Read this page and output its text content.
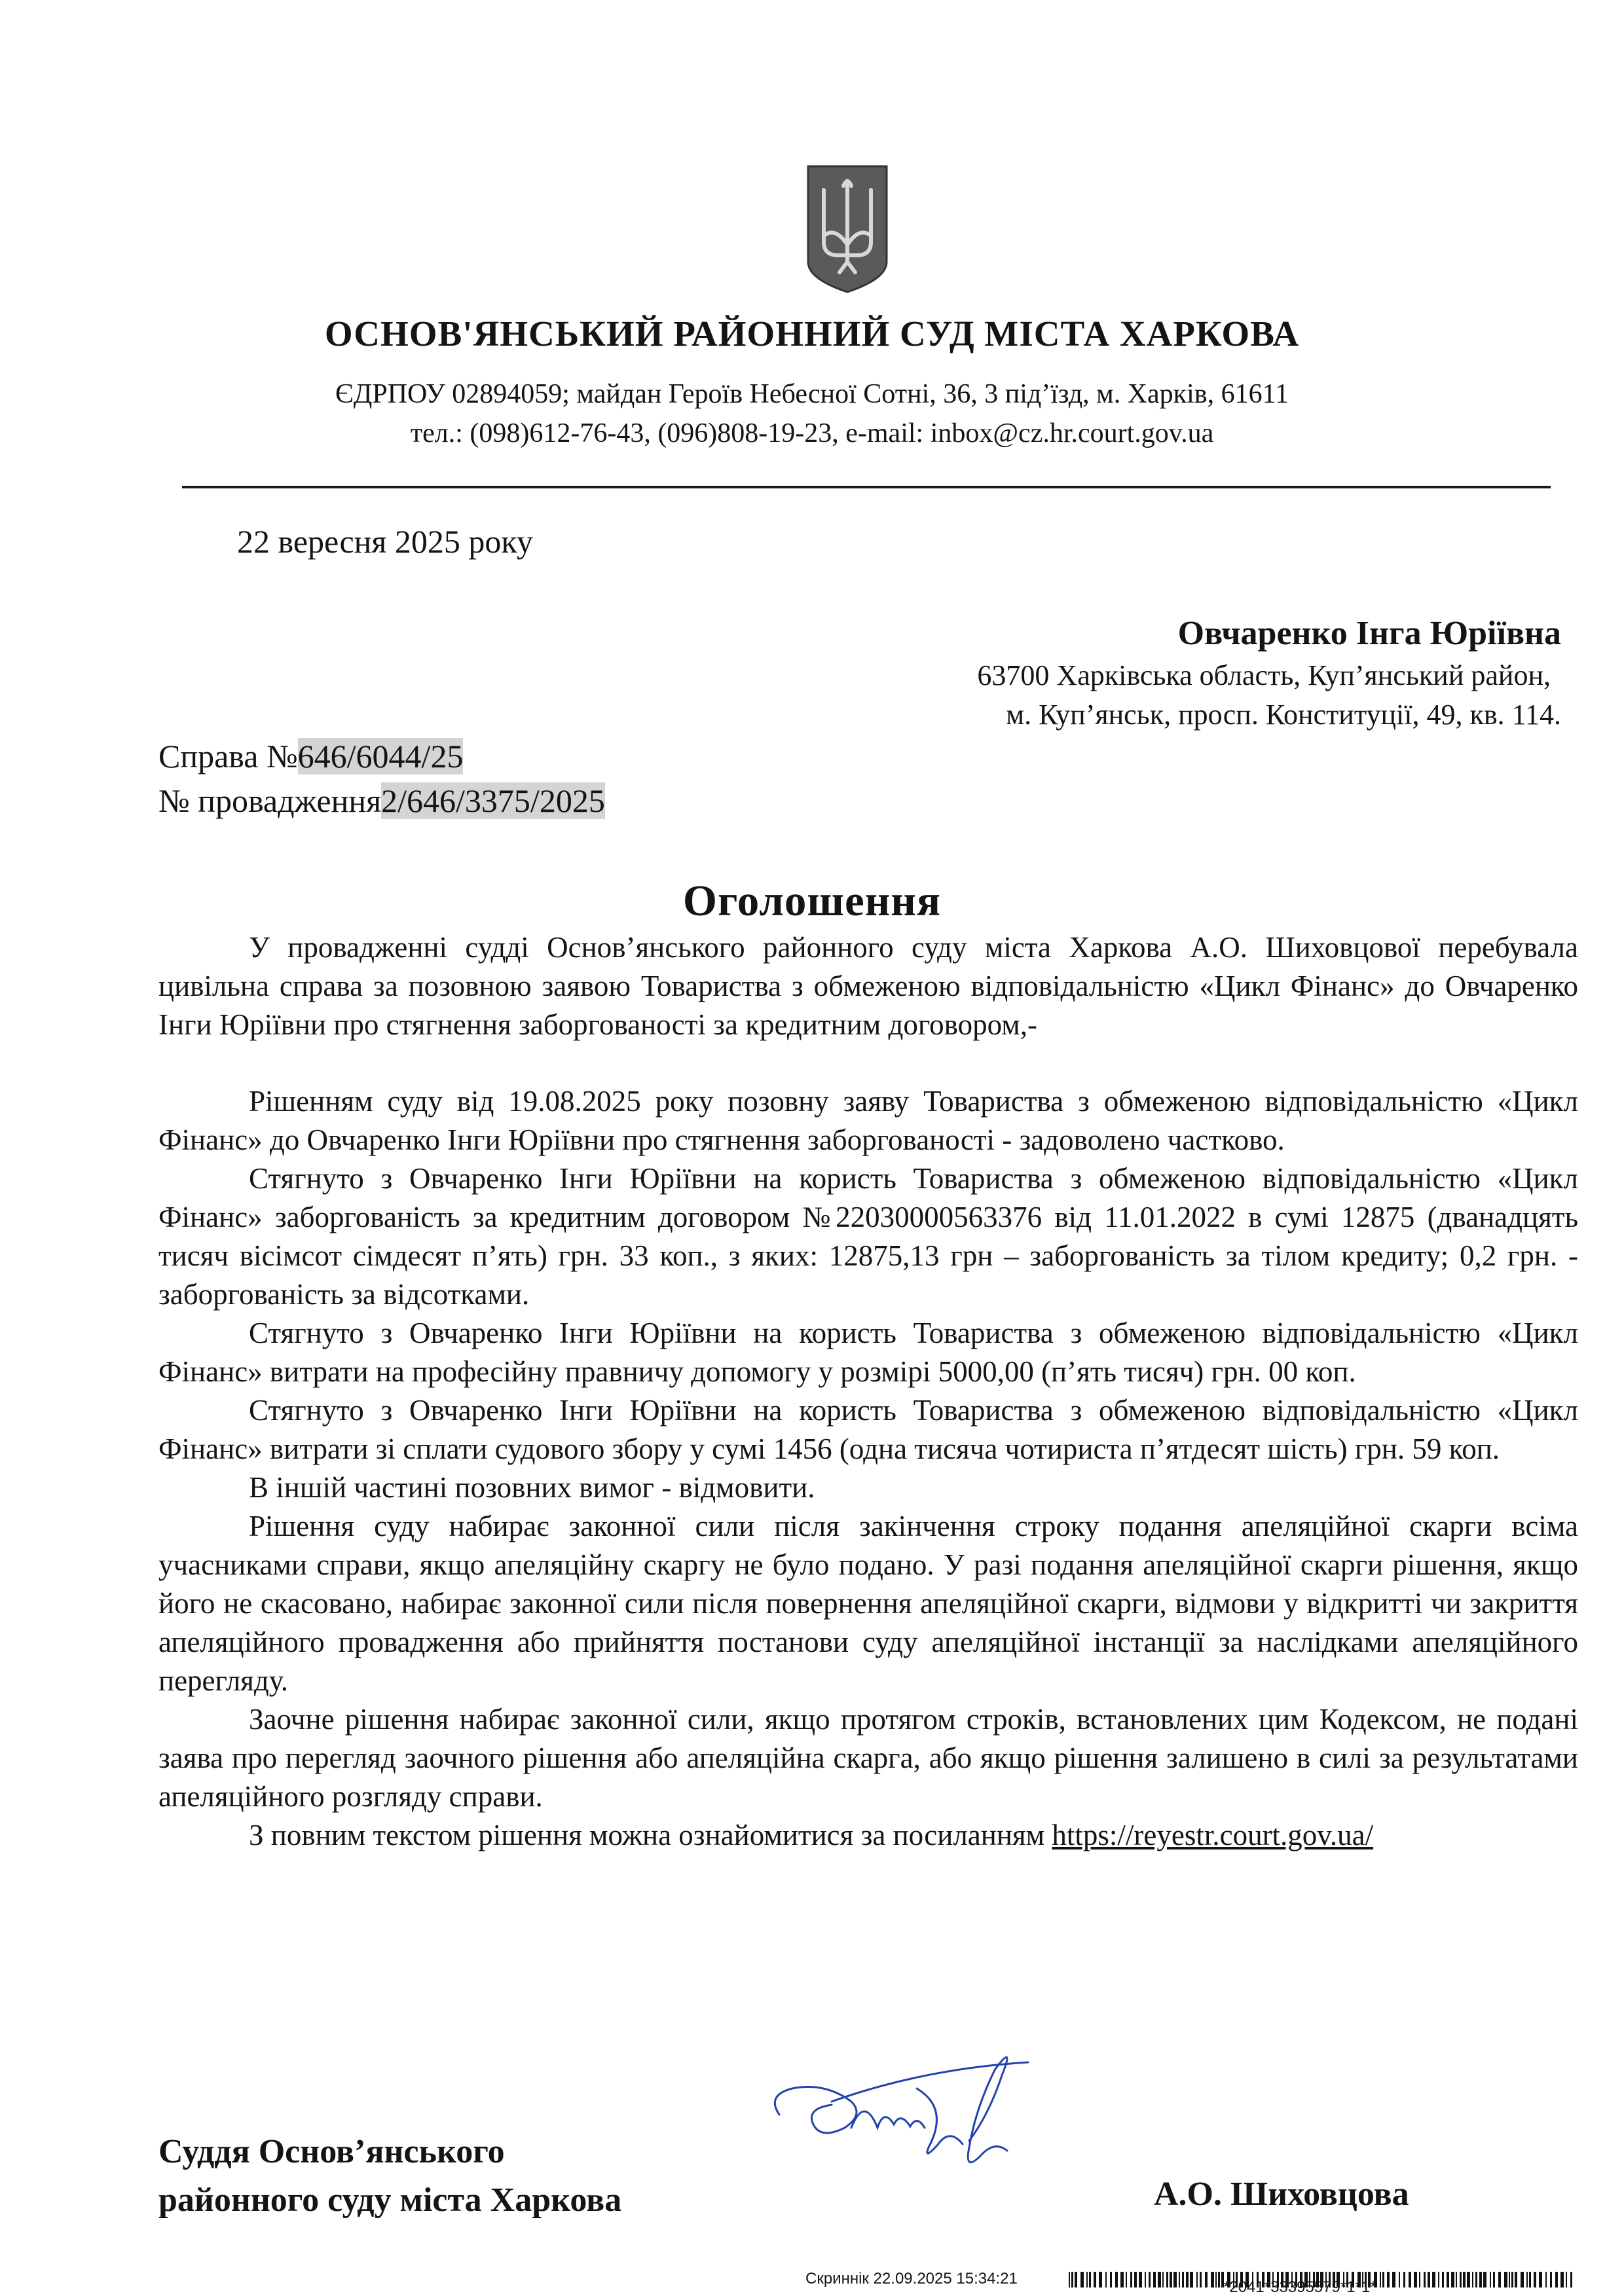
ОСНОВ'ЯНСЬКИЙ РАЙОННИЙ СУД МІСТА ХАРКОВА
ЄДРПОУ 02894059; майдан Героїв Небесної Сотні, 36, 3 під’їзд, м. Харків, 61611
тел.: (098)612-76-43, (096)808-19-23, e-mail: inbox@cz.hr.court.gov.ua
22 вересня 2025 року
Овчаренко Інга Юріївна
63700 Харківська область, Куп’янський район,
м. Куп’янськ, просп. Конституції, 49, кв. 114.
Справа №646/6044/25
№ провадження2/646/3375/2025
Оголошення

У провадженні судді Основ’янського районного суду міста Харкова А.О. Шиховцової перебувала цивільна справа за позовною заявою Товариства з обмеженою відповідальністю «Цикл Фінанс» до Овчаренко Інги Юріївни про стягнення заборгованості за кредитним договором,-

Рішенням суду від 19.08.2025 року позовну заяву Товариства з обмеженою відповідальністю «Цикл Фінанс» до Овчаренко Інги Юріївни про стягнення заборгованості - задоволено частково.

Стягнуто з Овчаренко Інги Юріївни на користь Товариства з обмеженою відповідальністю «Цикл Фінанс» заборгованість за кредитним договором №22030000563376 від 11.01.2022 в сумі 12875 (дванадцять тисяч вісімсот сімдесят п’ять) грн. 33 коп., з яких: 12875,13 грн – заборгованість за тілом кредиту; 0,2 грн. - заборгованість за відсотками.

Стягнуто з Овчаренко Інги Юріївни на користь Товариства з обмеженою відповідальністю «Цикл Фінанс» витрати на професійну правничу допомогу у розмірі 5000,00 (п’ять тисяч) грн. 00 коп.

Стягнуто з Овчаренко Інги Юріївни на користь Товариства з обмеженою відповідальністю «Цикл Фінанс» витрати зі сплати судового збору у сумі 1456 (одна тисяча чотириста п’ятдесят шість) грн. 59 коп.

В іншій частині позовних вимог - відмовити.

Рішення суду набирає законної сили після закінчення строку подання апеляційної скарги всіма учасниками справи, якщо апеляційну скаргу не було подано. У разі подання апеляційної скарги рішення, якщо його не скасовано, набирає законної сили після повернення апеляційної скарги, відмови у відкритті чи закриття апеляційного провадження або прийняття постанови суду апеляційної інстанції за наслідками апеляційного перегляду.

Заочне рішення набирає законної сили, якщо протягом строків, встановлених цим Кодексом, не подані заява про перегляд заочного рішення або апеляційна скарга, або якщо рішення залишено в силі за результатами апеляційного розгляду справи.

З повним текстом рішення можна ознайомитися за посиланням https://reyestr.court.gov.ua/

Суддя Основ’янського
районного суду міста Харкова	А.О. Шиховцова
Скриннік 22.09.2025 15:34:21	*2041*33395579*1*1*
